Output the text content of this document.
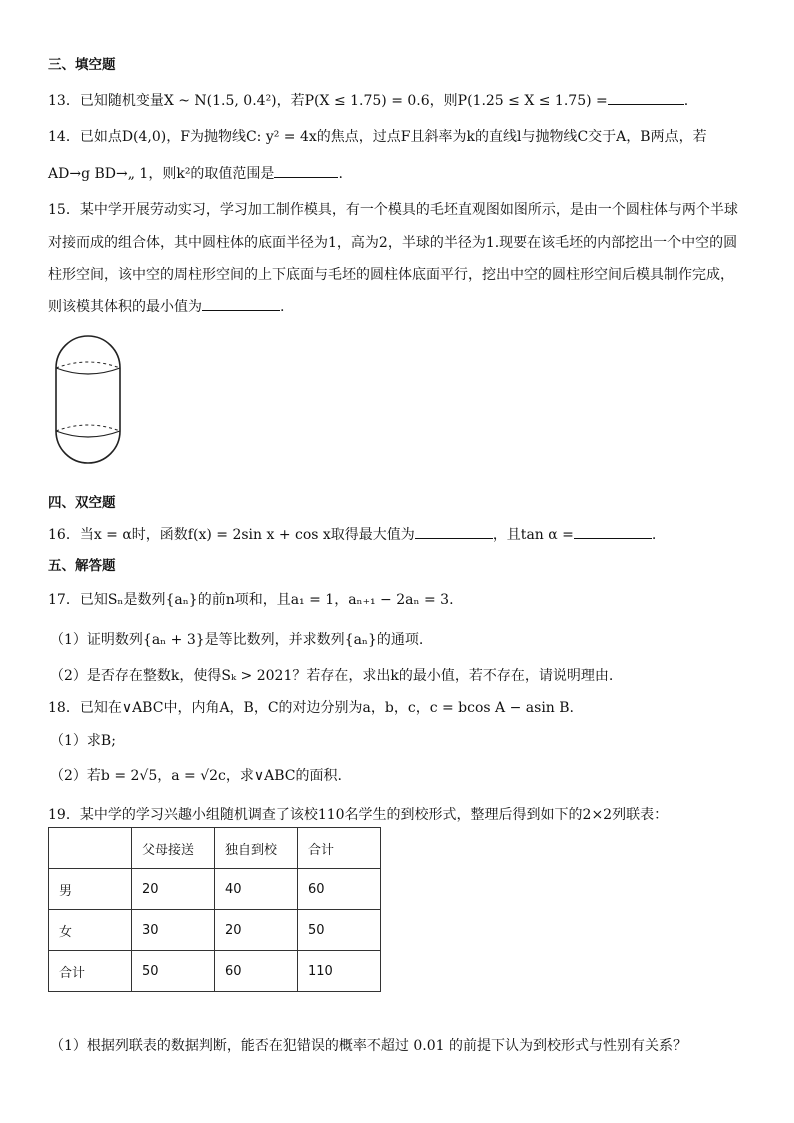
三、填空题
13．已知随机变量X ~ N(1.5, 0.4²)，若P(X ≤ 1.75) = 0.6，则P(1.25 ≤ X ≤ 1.75) =	.
14．已如点D(4,0)，F为抛物线C: y² = 4x的焦点，过点F且斜率为k的直线l与抛物线C交于A，B两点，若
AD→g BD→„ 1，则k²的取值范围是	.
15．某中学开展劳动实习，学习加工制作模具，有一个模具的毛坯直观图如图所示，是由一个圆柱体与两个半球
对接而成的组合体，其中圆柱体的底面半径为1，高为2，半球的半径为1.现要在该毛坯的内部挖出一个中空的圆
柱形空间，该中空的周柱形空间的上下底面与毛坯的圆柱体底面平行，挖出中空的圆柱形空间后模具制作完成，
则该模其体积的最小值为	.
四、双空题
16．当x = α时，函数f(x) = 2sin x + cos x取得最大值为	，且tan α =	.
五、解答题
17．已知Sₙ是数列{aₙ}的前n项和，且a₁ = 1，aₙ₊₁ − 2aₙ = 3.
（1）证明数列{aₙ + 3}是等比数列，并求数列{aₙ}的通项.
（2）是否存在整数k，使得Sₖ > 2021？若存在，求出k的最小值，若不存在，请说明理由.
18．已知在∨ABC中，内角A，B，C的对边分别为a，b，c，c = bcos A − asin B.
（1）求B;
（2）若b = 2√5，a = √2c，求∨ABC的面积.
19．某中学的学习兴趣小组随机调查了该校110名学生的到校形式，整理后得到如下的2×2列联表：
	父母接送	独自到校	合计
男	20	40	60
女	30	20	50
合计	50	60	110
（1）根据列联表的数据判断，能否在犯错误的概率不超过 0.01 的前提下认为到校形式与性别有关系？
